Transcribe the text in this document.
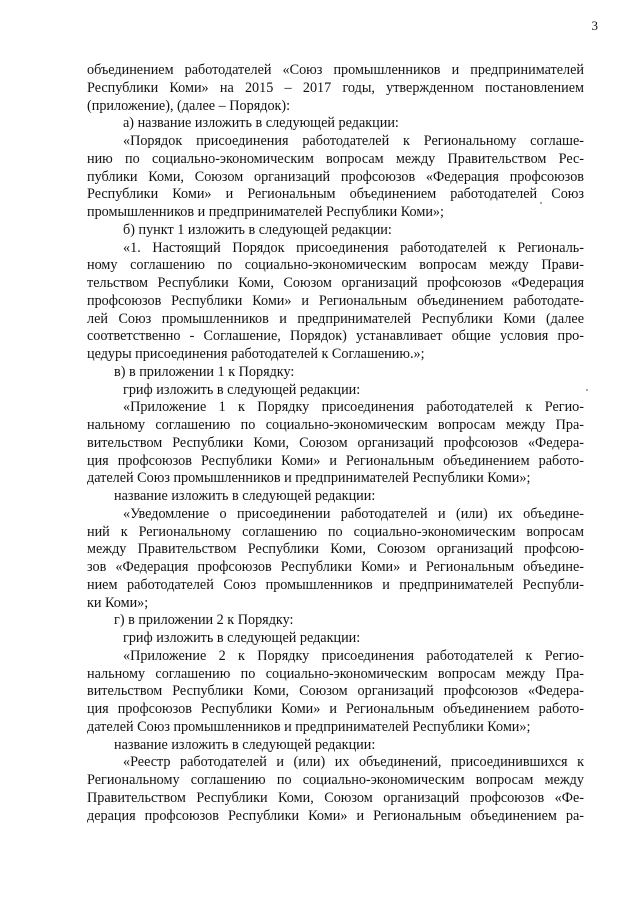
3
объединением работодателей «Союз промышленников и предпринимателей
Республики Коми» на 2015 – 2017 годы, утвержденном постановлением
(приложение), (далее – Порядок):
а) название изложить в следующей редакции:
«Порядок присоединения работодателей к Региональному соглаше-
нию по социально-экономическим вопросам между Правительством Рес-
публики Коми, Союзом организаций профсоюзов «Федерация профсоюзов
Республики Коми» и Региональным объединением работодателей Союз
промышленников и предпринимателей Республики Коми»;
б) пункт 1 изложить в следующей редакции:
«1. Настоящий Порядок присоединения работодателей к Региональ-
ному соглашению по социально-экономическим вопросам между Прави-
тельством Республики Коми, Союзом организаций профсоюзов «Федерация
профсоюзов Республики Коми» и Региональным объединением работодате-
лей Союз промышленников и предпринимателей Республики Коми (далее
соответственно - Соглашение, Порядок) устанавливает общие условия про-
цедуры присоединения работодателей к Соглашению.»;
в) в приложении 1 к Порядку:
гриф изложить в следующей редакции:
«Приложение 1 к Порядку присоединения работодателей к Регио-
нальному соглашению по социально-экономическим вопросам между Пра-
вительством Республики Коми, Союзом организаций профсоюзов «Федера-
ция профсоюзов Республики Коми» и Региональным объединением работо-
дателей Союз промышленников и предпринимателей Республики Коми»;
название изложить в следующей редакции:
«Уведомление о присоединении работодателей и (или) их объедине-
ний к Региональному соглашению по социально-экономическим вопросам
между Правительством Республики Коми, Союзом организаций профсою-
зов «Федерация профсоюзов Республики Коми» и Региональным объедине-
нием работодателей Союз промышленников и предпринимателей Республи-
ки Коми»;
г) в приложении 2 к Порядку:
гриф изложить в следующей редакции:
«Приложение 2 к Порядку присоединения работодателей к Регио-
нальному соглашению по социально-экономическим вопросам между Пра-
вительством Республики Коми, Союзом организаций профсоюзов «Федера-
ция профсоюзов Республики Коми» и Региональным объединением работо-
дателей Союз промышленников и предпринимателей Республики Коми»;
название изложить в следующей редакции:
«Реестр работодателей и (или) их объединений, присоединившихся к
Региональному соглашению по социально-экономическим вопросам между
Правительством Республики Коми, Союзом организаций профсоюзов «Фе-
дерация профсоюзов Республики Коми» и Региональным объединением ра-
